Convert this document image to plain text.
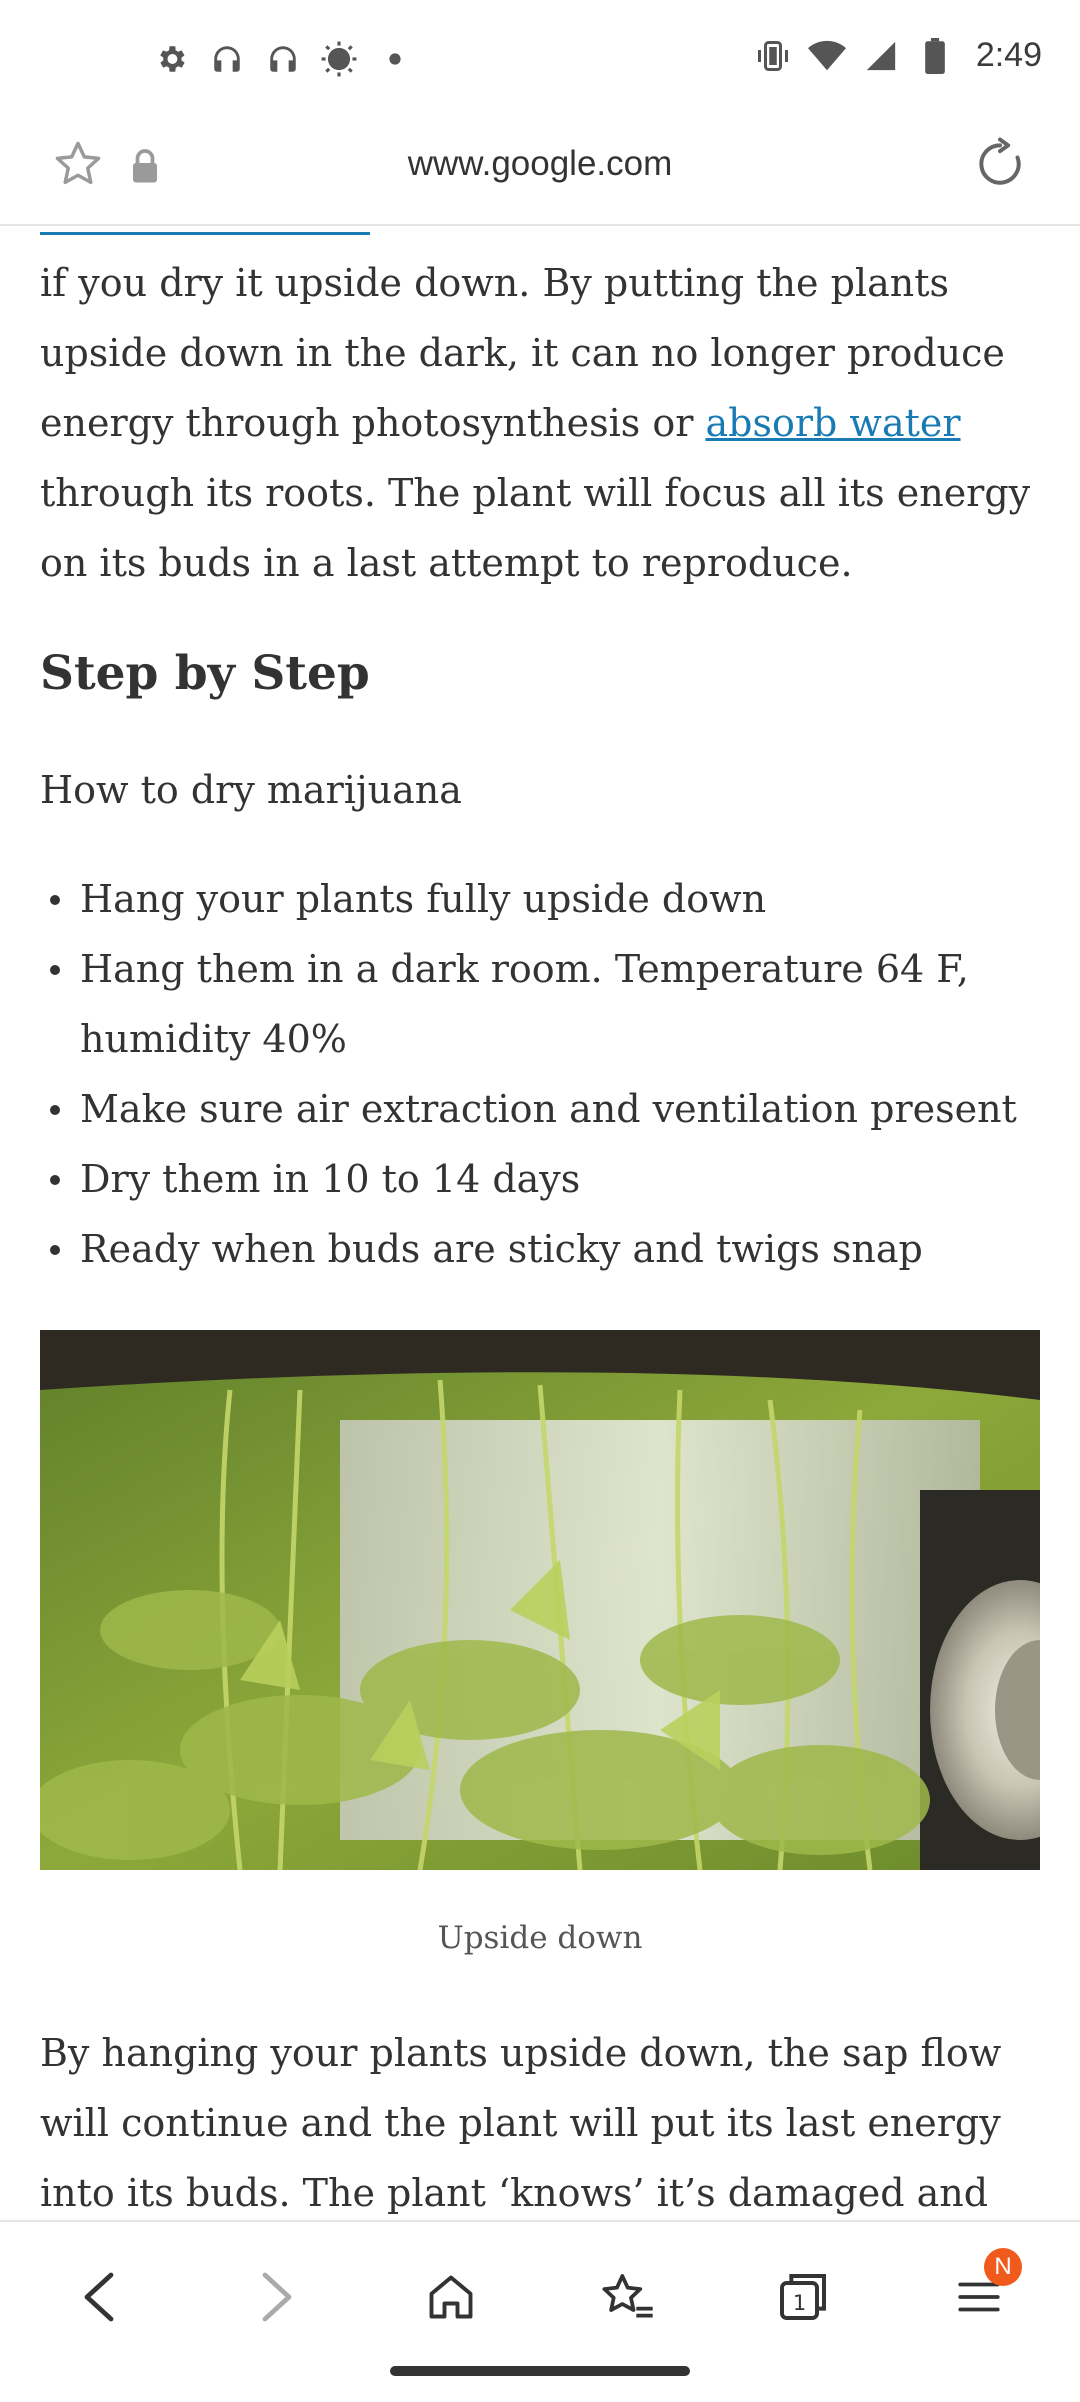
2:49
www.google.com

if you dry it upside down. By putting the plants upside down in the dark, it can no longer produce energy through photosynthesis or absorb water through its roots. The plant will focus all its energy on its buds in a last attempt to reproduce.

Step by Step

How to dry marijuana

Hang your plants fully upside down
Hang them in a dark room. Temperature 64 F, humidity 40%
Make sure air extraction and ventilation present
Dry them in 10 to 14 days
Ready when buds are sticky and twigs snap
Upside down

By hanging your plants upside down, the sap flow will continue and the plant will put its last energy into its buds. The plant ‘knows’ it’s damaged and

1
N
